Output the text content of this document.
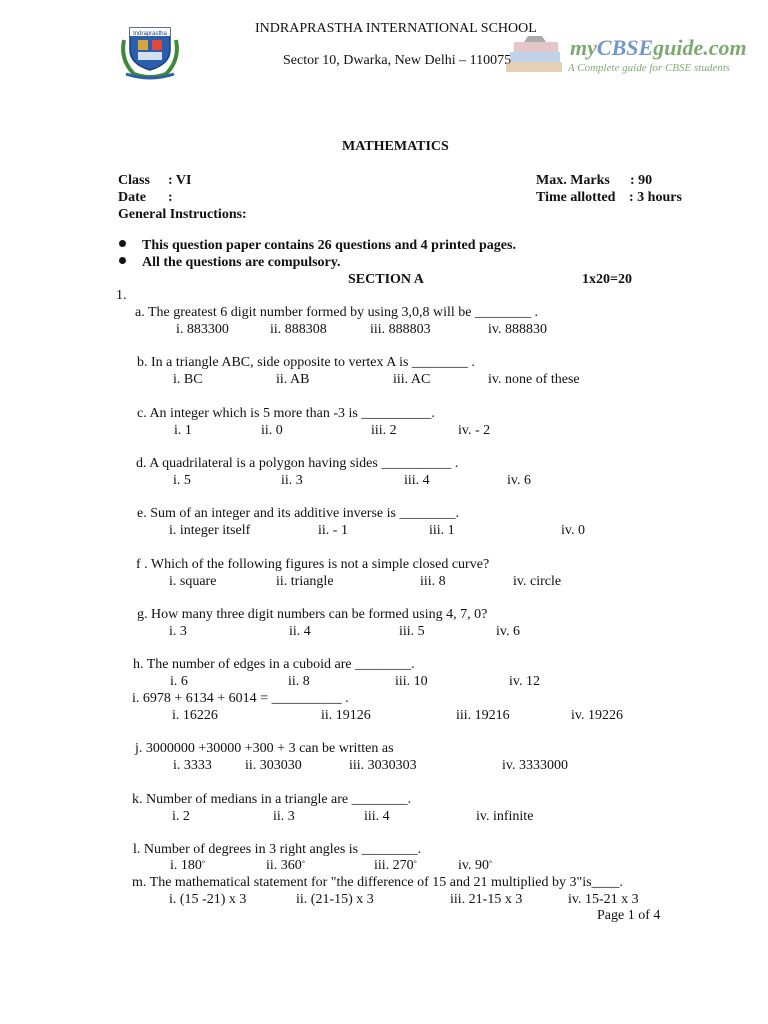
Indraprastha	INDRAPRASTHA INTERNATIONAL SCHOOL
Sector 10, Dwarka, New Delhi – 110075
myCBSEguide.com
A Complete guide for CBSE students
MATHEMATICS
Class : VI
Date :
General Instructions:
Max. Marks : 90
Time allotted : 3 hours
This question paper contains 26 questions and 4 printed pages.
All the questions are compulsory.
SECTION A	1x20=20
1.
a. The greatest 6 digit number formed by using 3,0,8 will be ________ .
i. 883300	ii. 888308	iii. 888803	iv. 888830
b. In a triangle ABC, side opposite to vertex A is ________ .
i. BC	ii. AB	iii. AC	iv. none of these
c. An integer which is 5 more than -3 is __________.
i. 1	ii. 0	iii. 2	iv. - 2
d. A quadrilateral is a polygon having sides __________ .
i. 5	ii. 3	iii. 4	iv. 6
e. Sum of an integer and its additive inverse is ________.
i. integer itself	ii. - 1	iii. 1	iv. 0
f . Which of the following figures is not a simple closed curve?
i. square	ii. triangle	iii. 8	iv. circle
g. How many three digit numbers can be formed using 4, 7, 0?
i. 3	ii. 4	iii. 5	iv. 6
h. The number of edges in a cuboid are ________.
i. 6	ii. 8	iii. 10	iv. 12
i. 6978 + 6134 + 6014 = __________ .
i. 16226	ii. 19126	iii. 19216	iv. 19226
j. 3000000 +30000 +300 + 3 can be written as
i. 3333 ii. 303030	iii. 3030303	iv. 3333000
k. Number of medians in a triangle are ________.
i. 2	ii. 3	iii. 4	iv. infinite
l. Number of degrees in 3 right angles is ________.
i. 180°	ii. 360°	iii. 270°	iv. 90°
m. The mathematical statement for "the difference of 15 and 21 multiplied by 3"is____.
i. (15 -21) x 3	ii. (21-15) x 3	iii. 21-15 x 3	iv. 15-21 x 3
Page 1 of 4
